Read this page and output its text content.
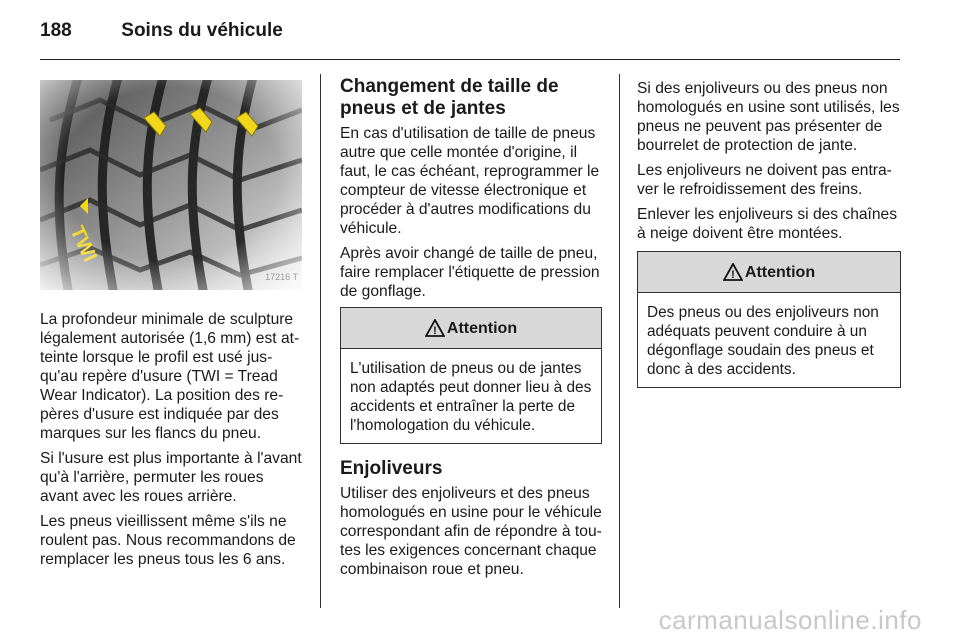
188	Soins du véhicule
17216 T

La profondeur minimale de sculpture légalement autorisée (1,6 mm) est at- teinte lorsque le profil est usé jus- qu'au repère d'usure (TWI = Tread Wear Indicator). La position des re- pères d'usure est indiquée par des marques sur les flancs du pneu.

Si l'usure est plus importante à l'avant qu'à l'arrière, permuter les roues avant avec les roues arrière.

Les pneus vieillissent même s'ils ne roulent pas. Nous recommandons de remplacer les pneus tous les 6 ans.

Changement de taille de pneus et de jantes

En cas d'utilisation de taille de pneus autre que celle montée d'origine, il faut, le cas échéant, reprogrammer le compteur de vitesse électronique et procéder à d'autres modifications du véhicule.

Après avoir changé de taille de pneu, faire remplacer l'étiquette de pression de gonflage.

! Attention
L'utilisation de pneus ou de jantes non adaptés peut donner lieu à des accidents et entraîner la perte de l'homologation du véhicule.
Enjoliveurs

Utiliser des enjoliveurs et des pneus homologués en usine pour le véhicule correspondant afin de répondre à tou- tes les exigences concernant chaque combinaison roue et pneu.

Si des enjoliveurs ou des pneus non homologués en usine sont utilisés, les pneus ne peuvent pas présenter de bourrelet de protection de jante.

Les enjoliveurs ne doivent pas entra- ver le refroidissement des freins.

Enlever les enjoliveurs si des chaînes à neige doivent être montées.

! Attention
Des pneus ou des enjoliveurs non adéquats peuvent conduire à un dégonflage soudain des pneus et donc à des accidents.
carmanualsonline.info
